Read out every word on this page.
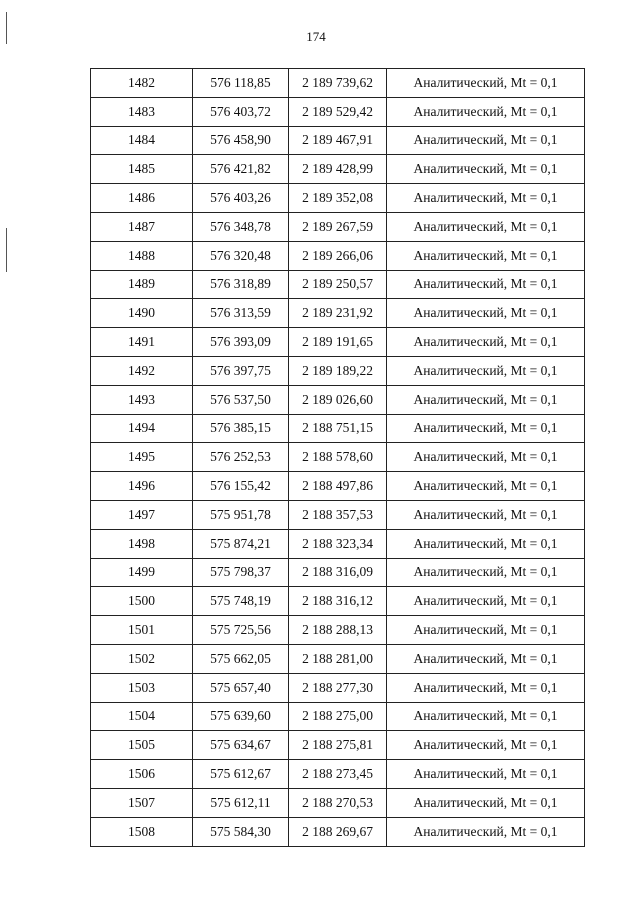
174
1482	576 118,85	2 189 739,62	Аналитический, Mt = 0,1
1483	576 403,72	2 189 529,42	Аналитический, Mt = 0,1
1484	576 458,90	2 189 467,91	Аналитический, Mt = 0,1
1485	576 421,82	2 189 428,99	Аналитический, Mt = 0,1
1486	576 403,26	2 189 352,08	Аналитический, Mt = 0,1
1487	576 348,78	2 189 267,59	Аналитический, Mt = 0,1
1488	576 320,48	2 189 266,06	Аналитический, Mt = 0,1
1489	576 318,89	2 189 250,57	Аналитический, Mt = 0,1
1490	576 313,59	2 189 231,92	Аналитический, Mt = 0,1
1491	576 393,09	2 189 191,65	Аналитический, Mt = 0,1
1492	576 397,75	2 189 189,22	Аналитический, Mt = 0,1
1493	576 537,50	2 189 026,60	Аналитический, Mt = 0,1
1494	576 385,15	2 188 751,15	Аналитический, Mt = 0,1
1495	576 252,53	2 188 578,60	Аналитический, Mt = 0,1
1496	576 155,42	2 188 497,86	Аналитический, Mt = 0,1
1497	575 951,78	2 188 357,53	Аналитический, Mt = 0,1
1498	575 874,21	2 188 323,34	Аналитический, Mt = 0,1
1499	575 798,37	2 188 316,09	Аналитический, Mt = 0,1
1500	575 748,19	2 188 316,12	Аналитический, Mt = 0,1
1501	575 725,56	2 188 288,13	Аналитический, Mt = 0,1
1502	575 662,05	2 188 281,00	Аналитический, Mt = 0,1
1503	575 657,40	2 188 277,30	Аналитический, Mt = 0,1
1504	575 639,60	2 188 275,00	Аналитический, Mt = 0,1
1505	575 634,67	2 188 275,81	Аналитический, Mt = 0,1
1506	575 612,67	2 188 273,45	Аналитический, Mt = 0,1
1507	575 612,11	2 188 270,53	Аналитический, Mt = 0,1
1508	575 584,30	2 188 269,67	Аналитический, Mt = 0,1
